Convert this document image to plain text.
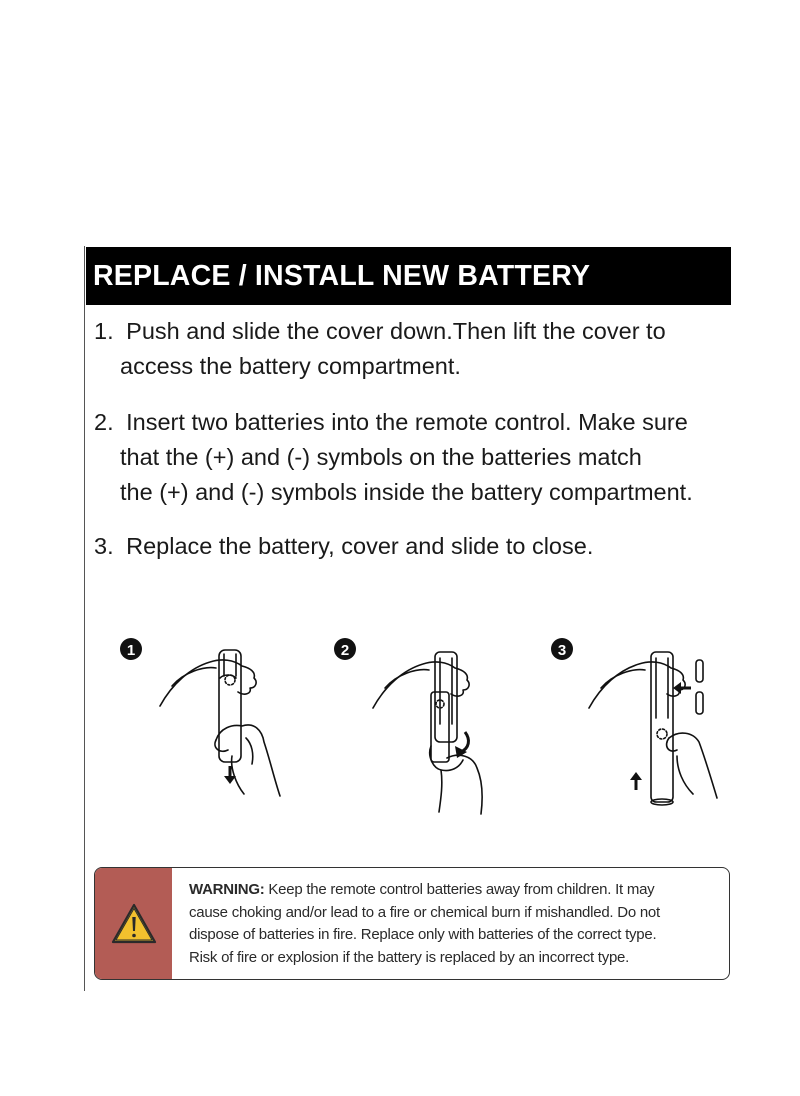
REPLACE / INSTALL NEW BATTERY
1. Push and slide the cover down.Then lift the cover to
access the battery compartment.
2. Insert two batteries into the remote control. Make sure
that the (+) and (-) symbols on the batteries match
the (+) and (-) symbols inside the battery compartment.
3. Replace the battery, cover and slide to close.
1	2	3
WARNING: Keep the remote control batteries away from children. It may
cause choking and/or lead to a fire or chemical burn if mishandled. Do not
dispose of batteries in fire. Replace only with batteries of the correct type.
Risk of fire or explosion if the battery is replaced by an incorrect type.
